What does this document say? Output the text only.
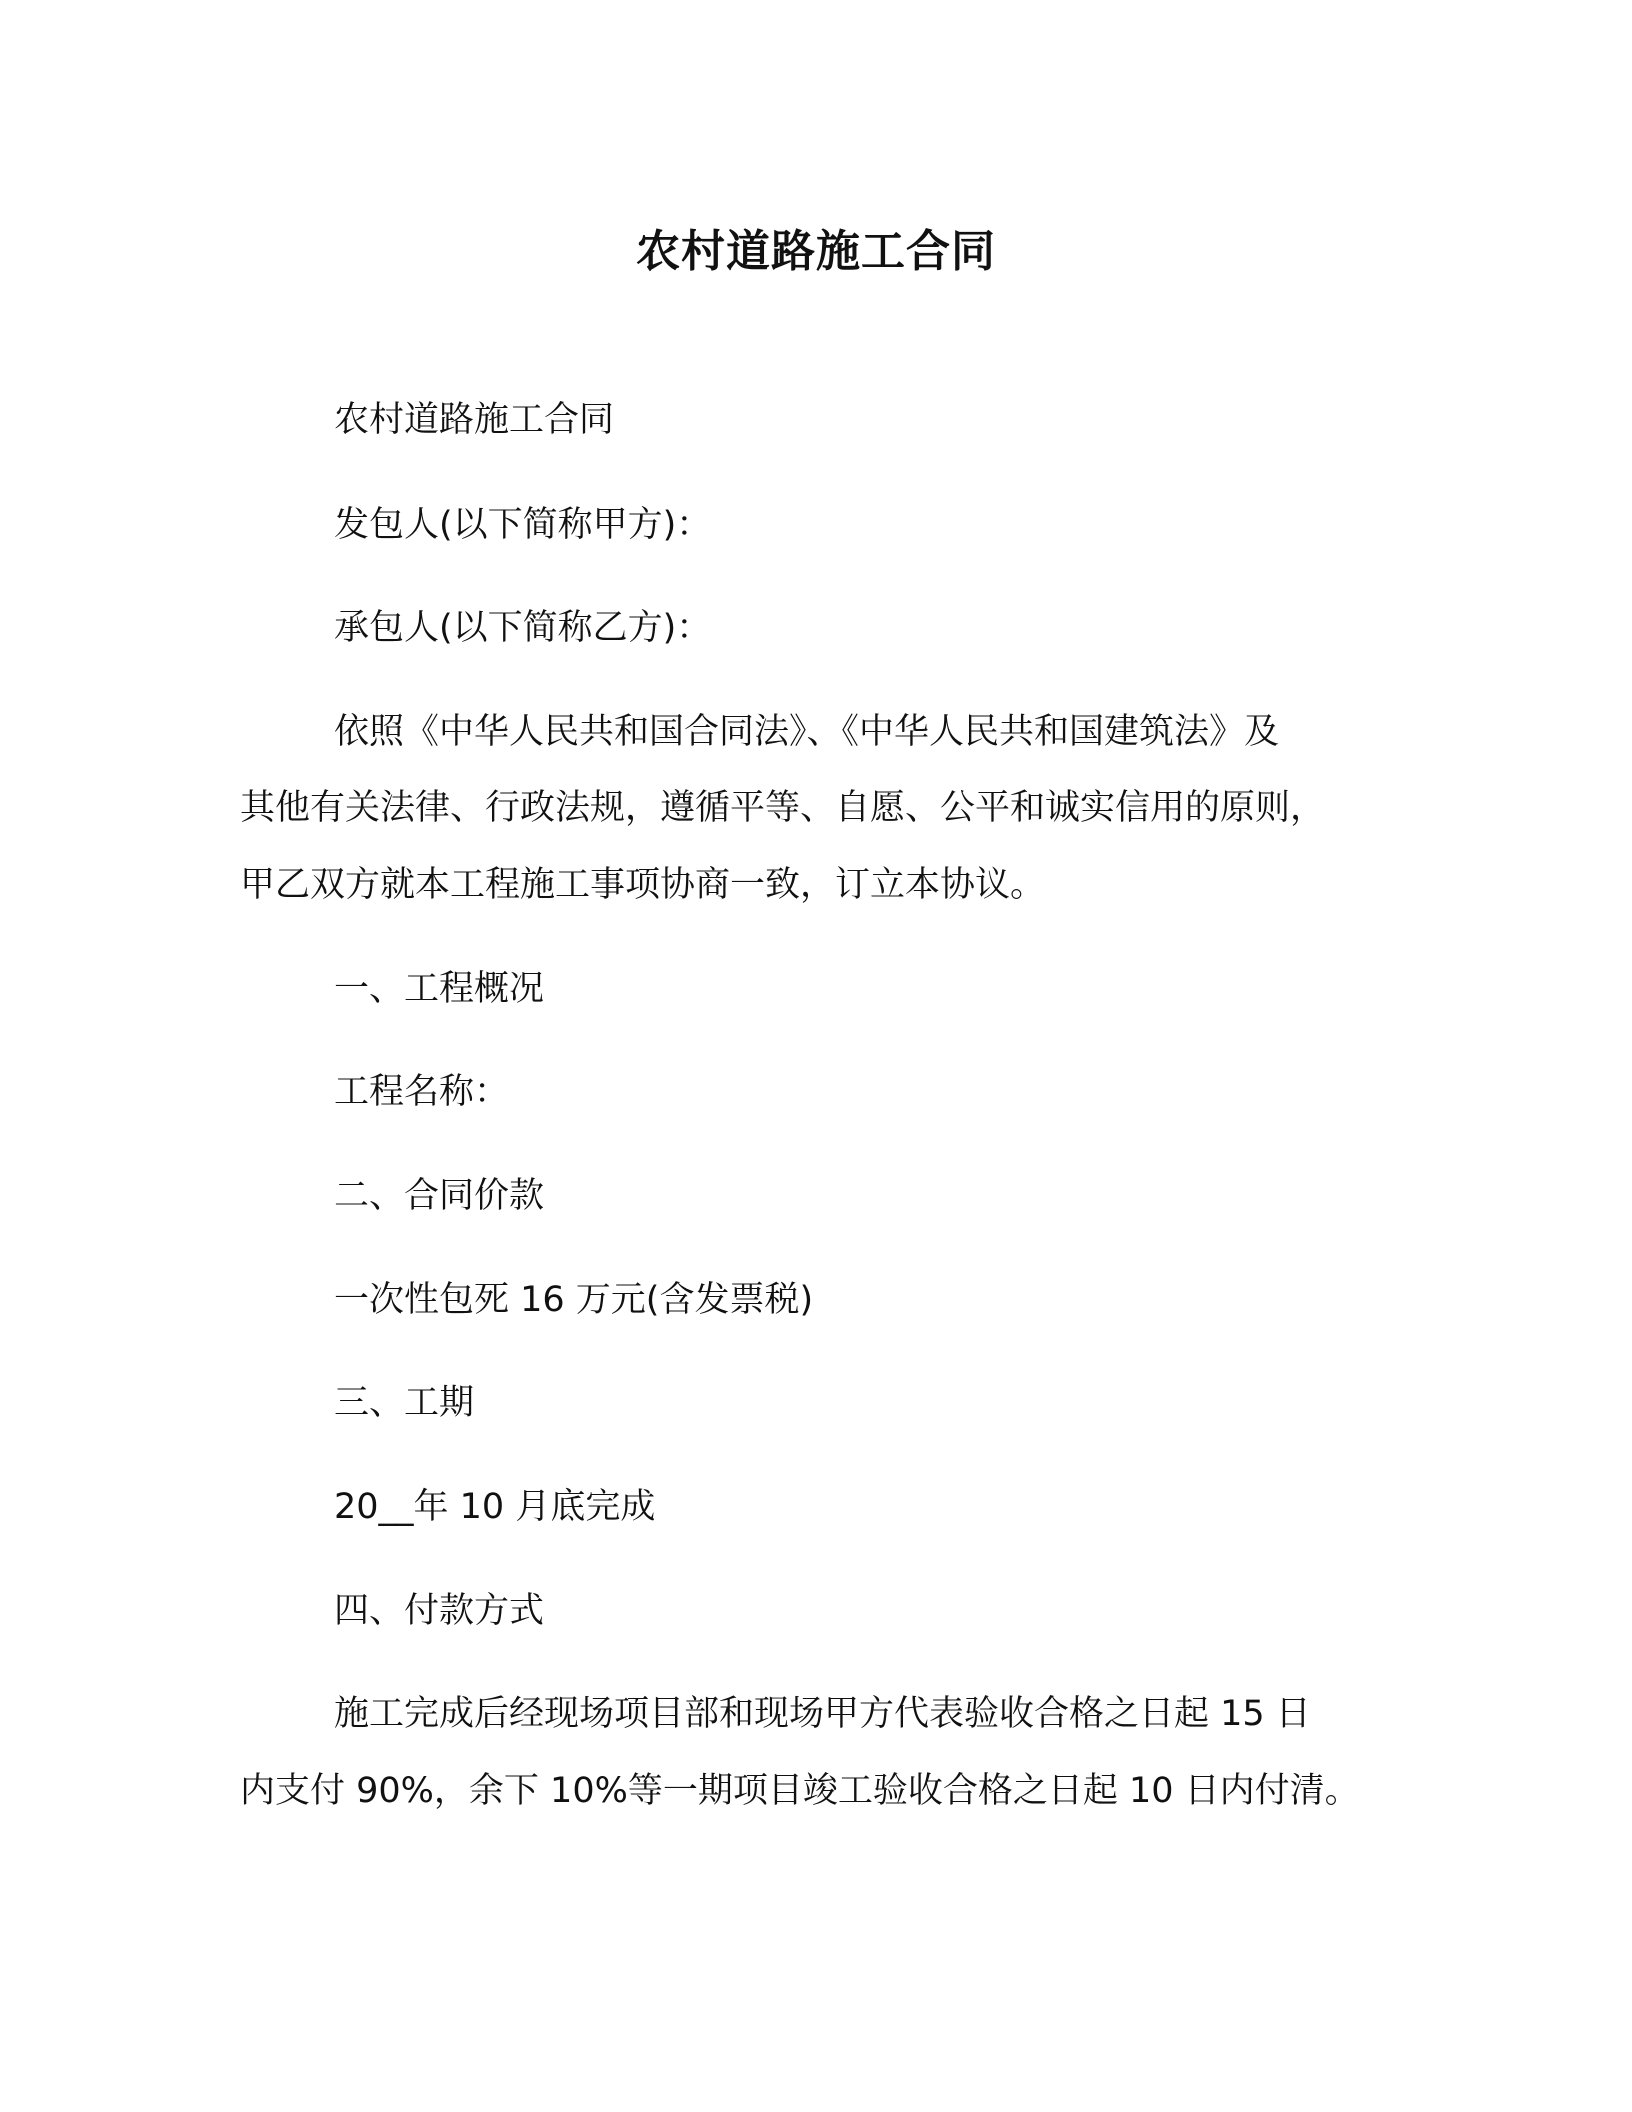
农村道路施工合同

农村道路施工合同

发包人(以下简称甲方)：

承包人(以下简称乙方)：

依照《中华人民共和国合同法》、《中华人民共和国建筑法》及

其他有关法律、行政法规，遵循平等、自愿、公平和诚实信用的原则，

甲乙双方就本工程施工事项协商一致，订立本协议。

一、工程概况

工程名称：

二、合同价款

一次性包死 16 万元(含发票税)

三、工期

20__年 10 月底完成

四、付款方式

施工完成后经现场项目部和现场甲方代表验收合格之日起 15 日

内支付 90%，余下 10%等一期项目竣工验收合格之日起 10 日内付清。
